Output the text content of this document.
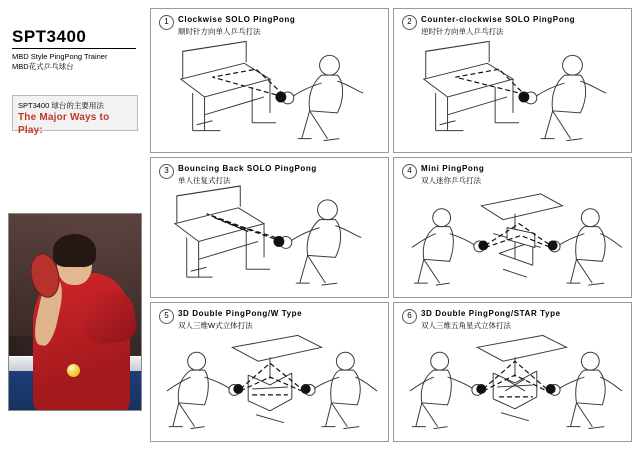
SPT3400
MBD Style PingPong Trainer
MBD花式乒乓球台
SPT3400 球台的主要用法
The Major Ways to Play:
1	Clockwise SOLO PingPong
顺时针方向单人乒乓打法
2	Counter-clockwise SOLO PingPong
逆时针方向单人乒乓打法
3	Bouncing Back SOLO PingPong
单人往复式打法
4	Mini PingPong
双人迷你乒乓打法
5	3D Double PingPong/W Type
双人三维W式立体打法
6	3D Double PingPong/STAR Type
双人三维五角星式立体打法
